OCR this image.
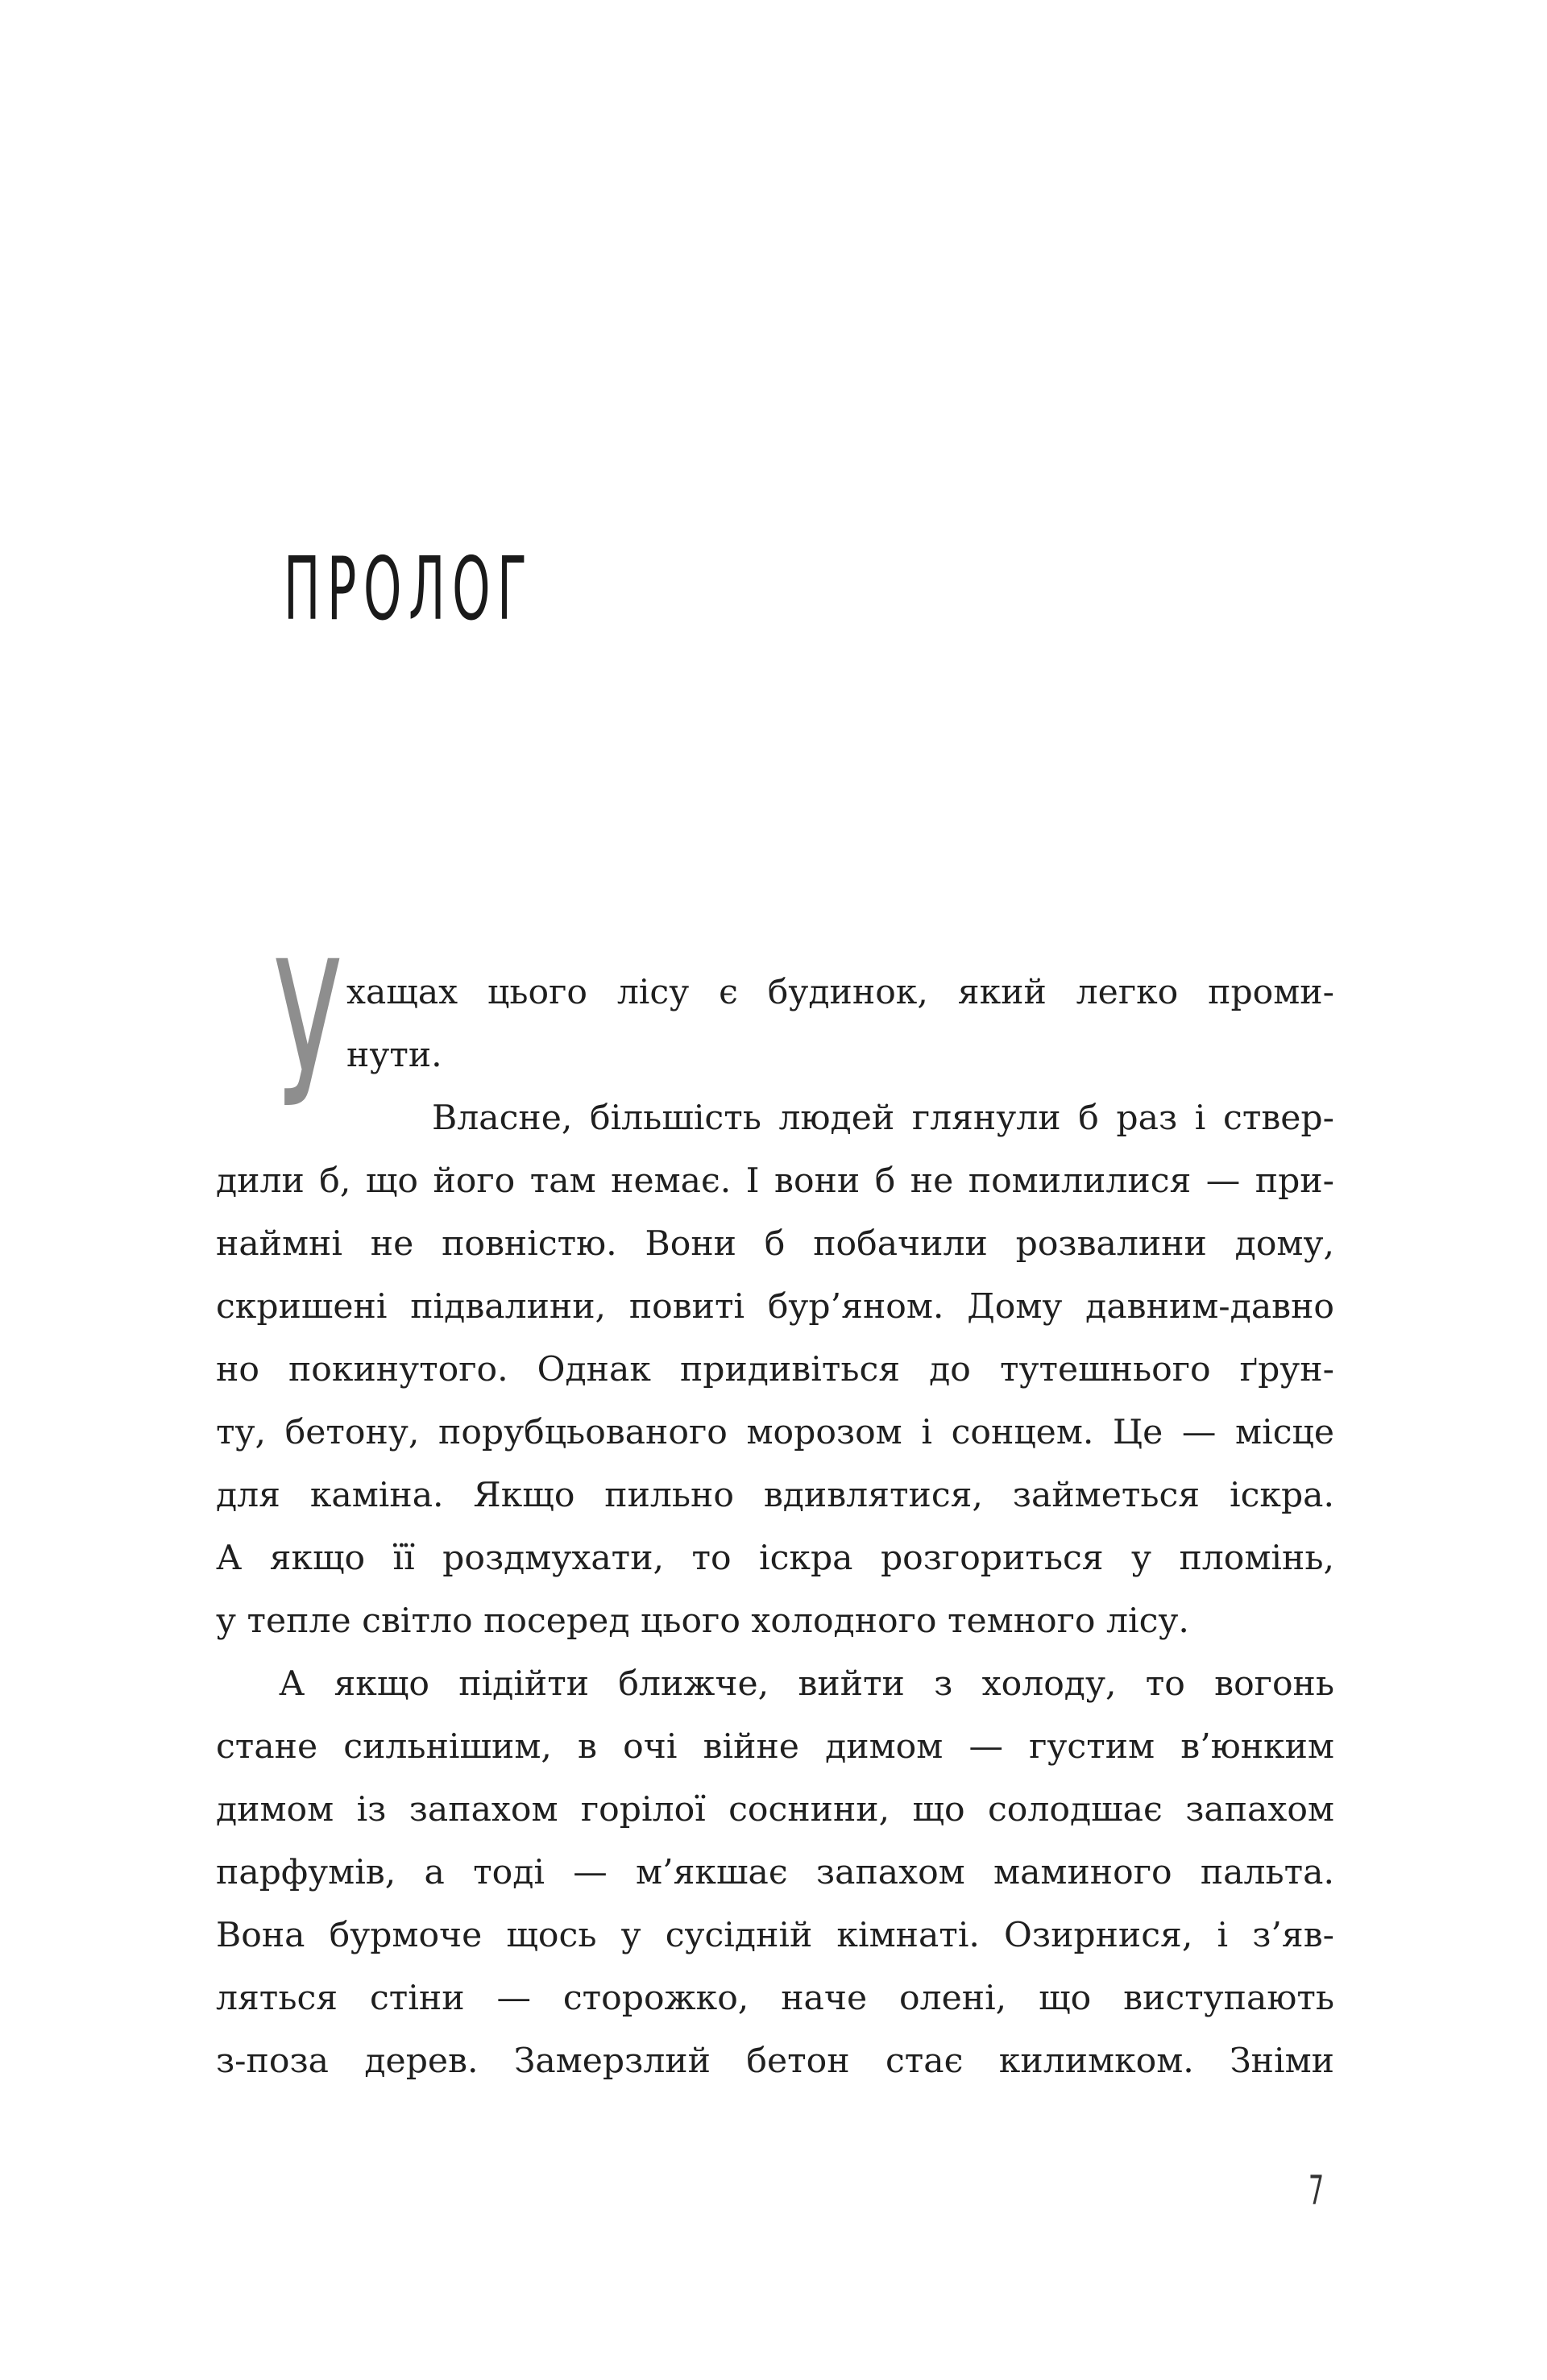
ПРОЛОГ
У хащах цього лісу є будинок, який легко проми-

нути.

Власне, більшість людей глянули б раз і ствер-

дили б, що його там немає. І вони б не помилилися — при-

наймні не повністю. Вони б побачили розвалини дому,

скришені підвалини, повиті бур’яном. Дому давним-давно

но покинутого. Однак придивіться до тутешнього ґрун-

ту, бетону, порубцьованого морозом і сонцем. Це — місце

для каміна. Якщо пильно вдивлятися, займеться іскра.

А якщо її роздмухати, то іскра розгориться у пломінь,

у тепле світло посеред цього холодного темного лісу.

А якщо підійти ближче, вийти з холоду, то вогонь

стане сильнішим, в очі війне димом — густим в’юнким

димом із запахом горілої соснини, що солодшає запахом

парфумів, а тоді — м’якшає запахом маминого пальта.

Вона бурмоче щось у сусідній кімнаті. Озирнися, і з’яв-

ляться стіни — сторожко, наче олені, що виступають

з-поза дерев. Замерзлий бетон стає килимком. Зніми

7
